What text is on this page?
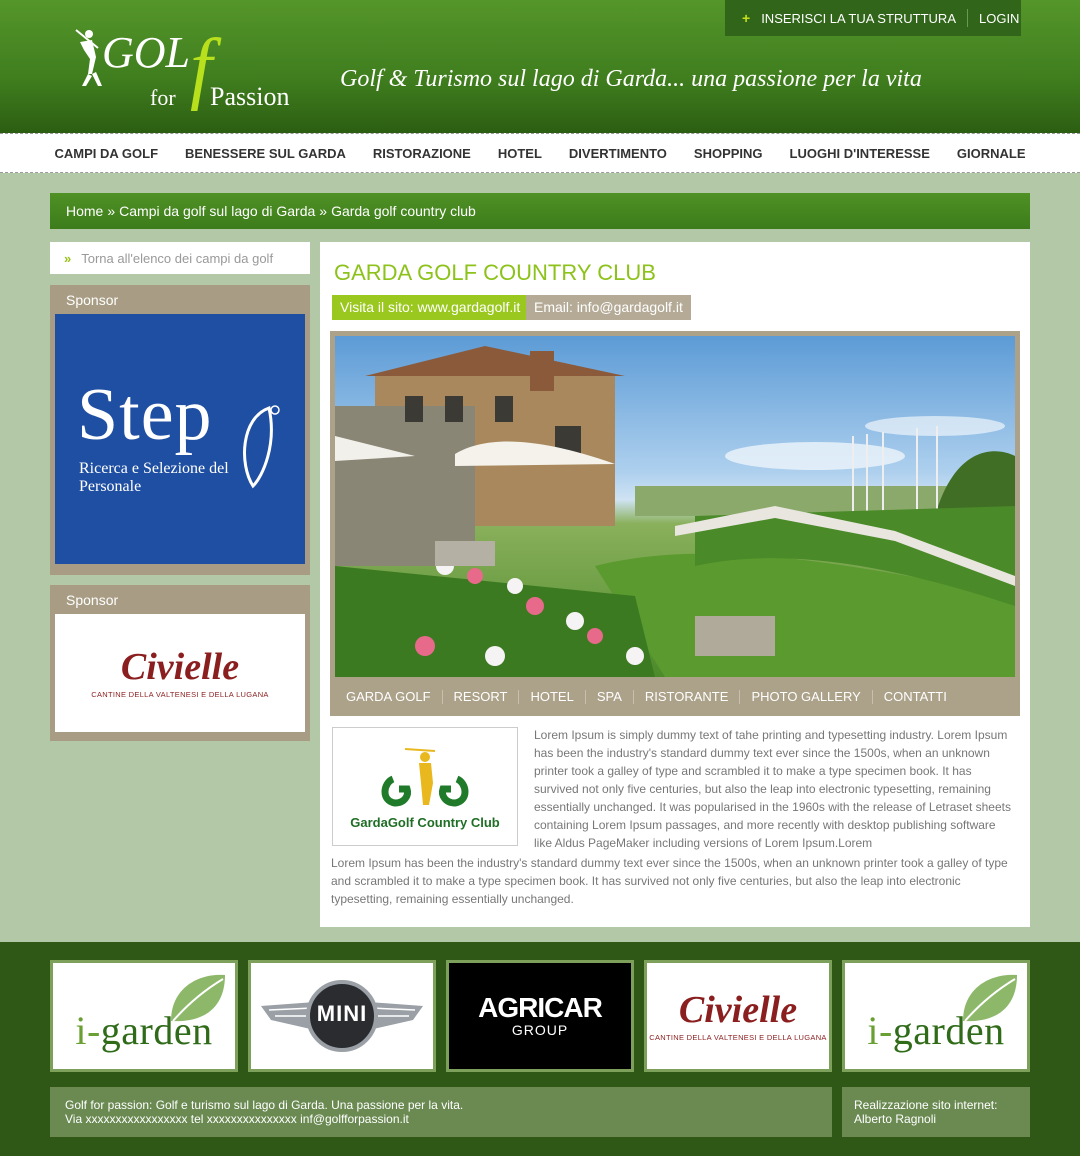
GOL f
for Passion
Golf & Turismo sul lago di Garda... una passione per la vita
+ INSERISCI LA TUA STRUTTURA LOGIN
CAMPI DA GOLF BENESSERE SUL GARDA RISTORAZIONE HOTEL DIVERTIMENTO SHOPPING LUOGHI D'INTERESSE GIORNALE
Home » Campi da golf sul lago di Garda » Garda golf country club
» Torna all'elenco dei campi da golf
Sponsor
Step
Ricerca e Selezione del Personale
Sponsor
Civielle
CANTINE DELLA VALTENESI E DELLA LUGANA
GARDA GOLF COUNTRY CLUB
Visita il sito: www.gardagolf.it Email: info@gardagolf.it
GARDA GOLF	RESORT	HOTEL	SPA	RISTORANTE	PHOTO GALLERY	CONTATTI
GardaGolf Country Club

Lorem Ipsum is simply dummy text of tahe printing and typesetting industry. Lorem Ipsum has been the industry's standard dummy text ever since the 1500s, when an unknown printer took a galley of type and scrambled it to make a type specimen book. It has survived not only five centuries, but also the leap into electronic typesetting, remaining essentially unchanged. It was popularised in the 1960s with the release of Letraset sheets containing Lorem Ipsum passages, and more recently with desktop publishing software like Aldus PageMaker including versions of Lorem Ipsum.Lorem

Lorem Ipsum has been the industry's standard dummy text ever since the 1500s, when an unknown printer took a galley of type and scrambled it to make a type specimen book. It has survived not only five centuries, but also the leap into electronic typesetting, remaining essentially unchanged.

i-garden	MINI	AGRICAR
GROUP	Civielle
CANTINE DELLA VALTENESI E DELLA LUGANA i-garden
Golf for passion: Golf e turismo sul lago di Garda. Una passione per la vita.
Via xxxxxxxxxxxxxxxxx tel xxxxxxxxxxxxxxx inf@golfforpassion.it
Realizzazione sito internet:
Alberto Ragnoli
